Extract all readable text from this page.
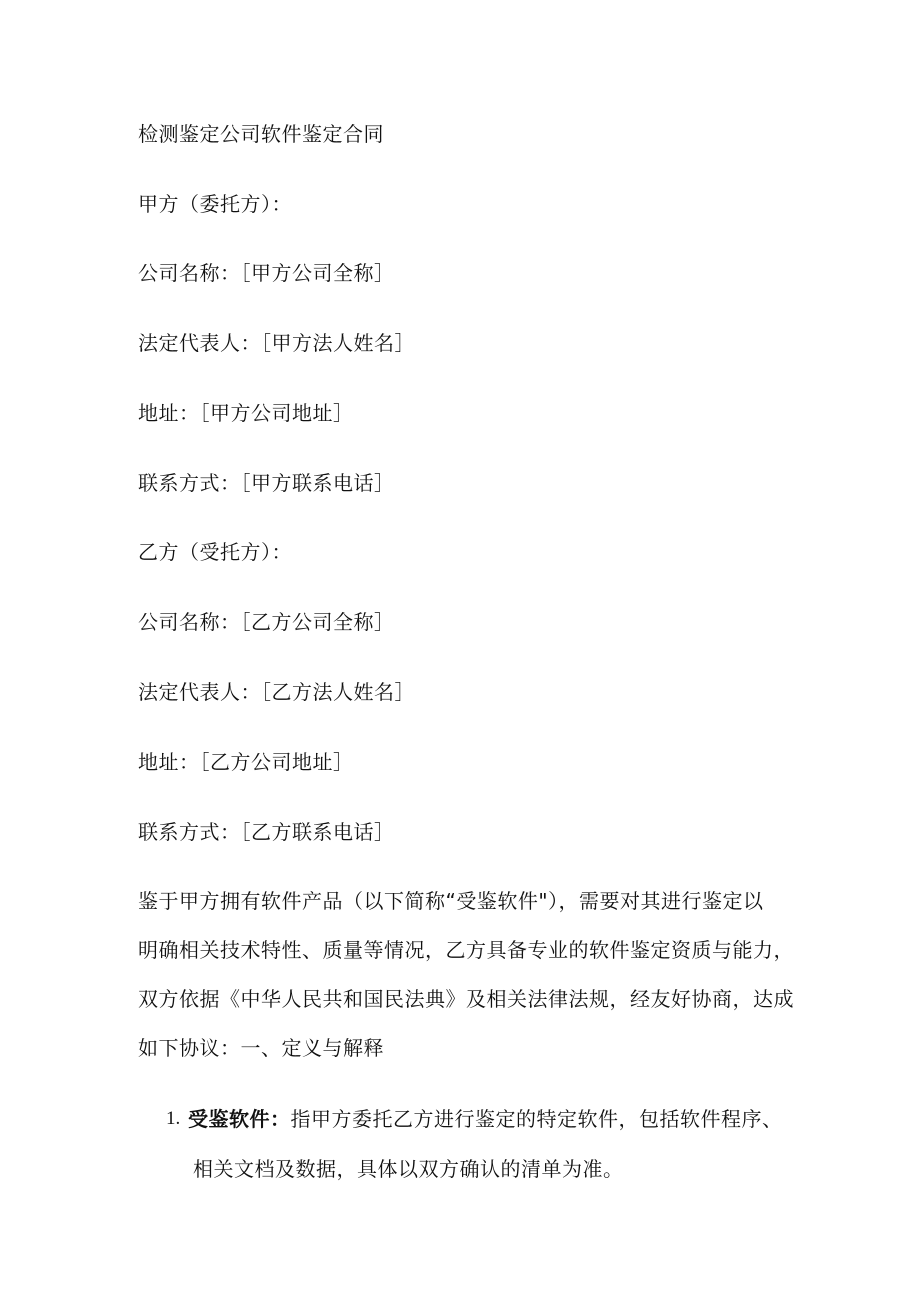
检测鉴定公司软件鉴定合同
甲方（委托方）：
公司名称：［甲方公司全称］
法定代表人：［甲方法人姓名］
地址：［甲方公司地址］
联系方式：［甲方联系电话］
乙方（受托方）：
公司名称：［乙方公司全称］
法定代表人：［乙方法人姓名］
地址：［乙方公司地址］
联系方式：［乙方联系电话］
鉴于甲方拥有软件产品（以下简称“受鉴软件"），需要对其进行鉴定以
明确相关技术特性、质量等情况，乙方具备专业的软件鉴定资质与能力，
双方依据《中华人民共和国民法典》及相关法律法规，经友好协商，达成
如下协议：一、定义与解释
1. 受鉴软件：指甲方委托乙方进行鉴定的特定软件，包括软件程序、
相关文档及数据，具体以双方确认的清单为准。
